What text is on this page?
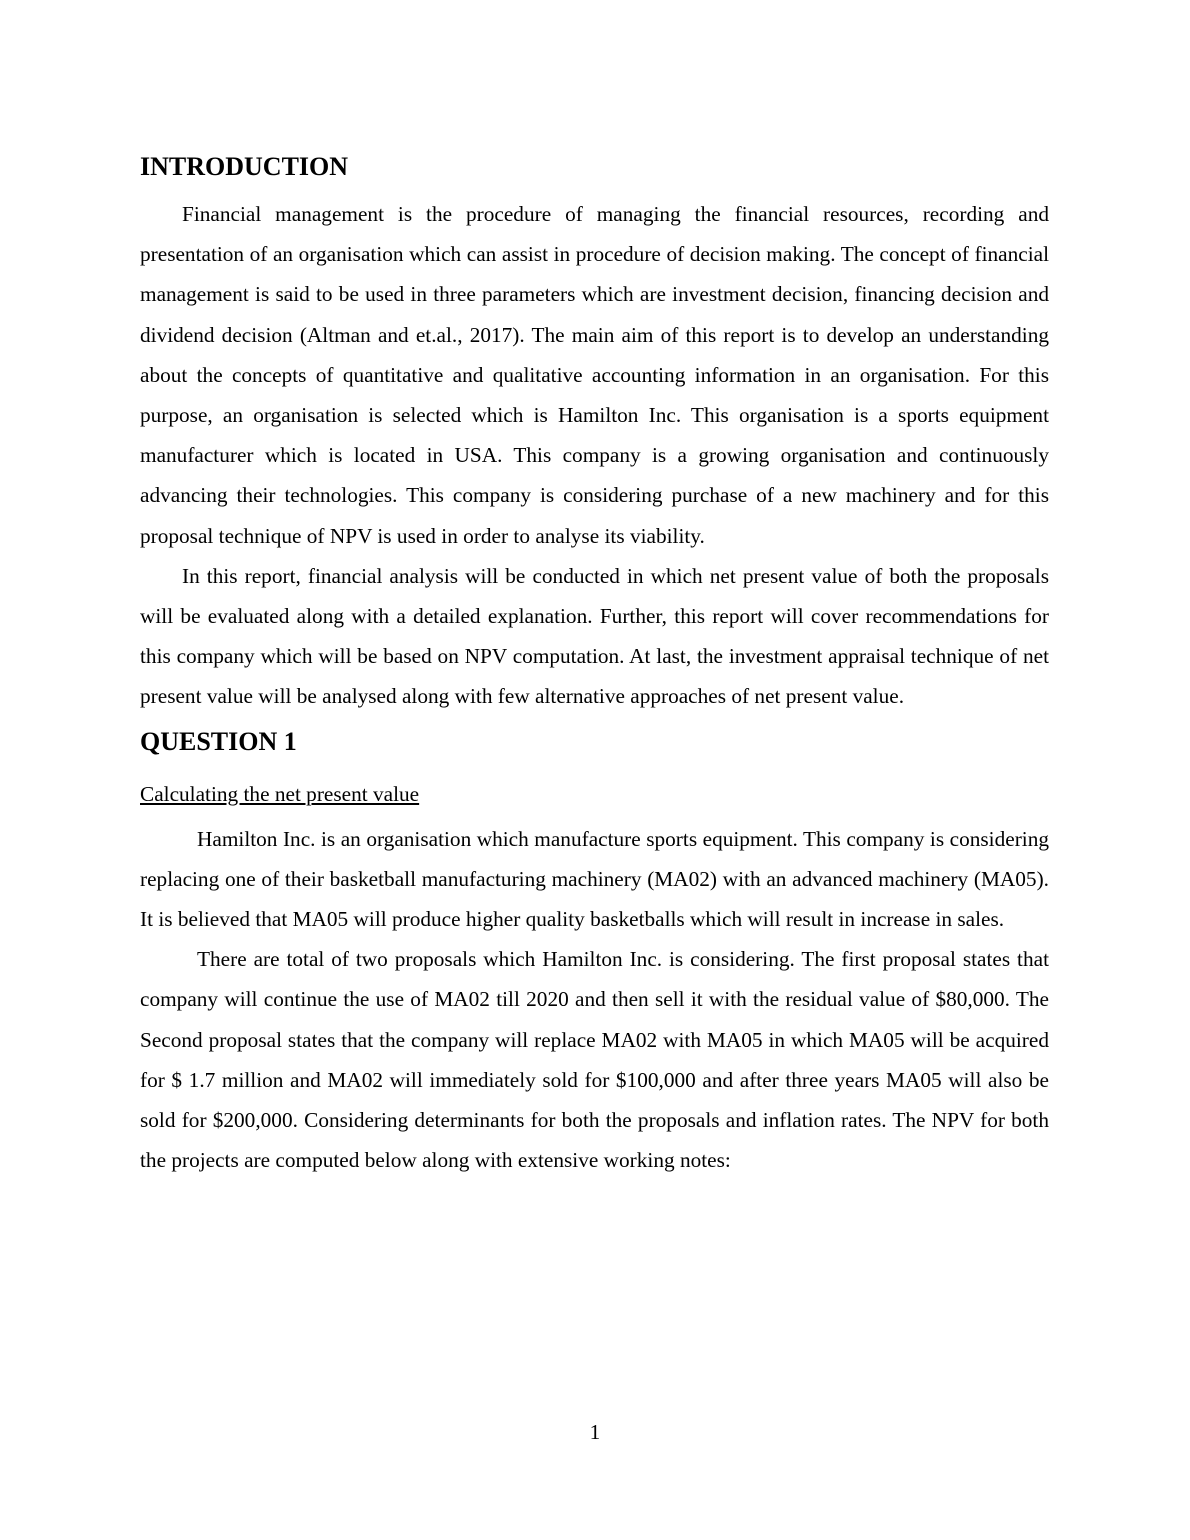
INTRODUCTION

Financial management is the procedure of managing the financial resources, recording and presentation of an organisation which can assist in procedure of decision making. The concept of financial management is said to be used in three parameters which are investment decision, financing decision and dividend decision (Altman and et.al., 2017). The main aim of this report is to develop an understanding about the concepts of quantitative and qualitative accounting information in an organisation. For this purpose, an organisation is selected which is Hamilton Inc. This organisation is a sports equipment manufacturer which is located in USA. This company is a growing organisation and continuously advancing their technologies. This company is considering purchase of a new machinery and for this proposal technique of NPV is used in order to analyse its viability.

In this report, financial analysis will be conducted in which net present value of both the proposals will be evaluated along with a detailed explanation. Further, this report will cover recommendations for this company which will be based on NPV computation. At last, the investment appraisal technique of net present value will be analysed along with few alternative approaches of net present value.

QUESTION 1

Calculating the net present value

Hamilton Inc. is an organisation which manufacture sports equipment. This company is considering replacing one of their basketball manufacturing machinery (MA02) with an advanced machinery (MA05). It is believed that MA05 will produce higher quality basketballs which will result in increase in sales.

There are total of two proposals which Hamilton Inc. is considering. The first proposal states that company will continue the use of MA02 till 2020 and then sell it with the residual value of $80,000. The Second proposal states that the company will replace MA02 with MA05 in which MA05 will be acquired for $ 1.7 million and MA02 will immediately sold for $100,000 and after three years MA05 will also be sold for $200,000. Considering determinants for both the proposals and inflation rates. The NPV for both the projects are computed below along with extensive working notes:

1
